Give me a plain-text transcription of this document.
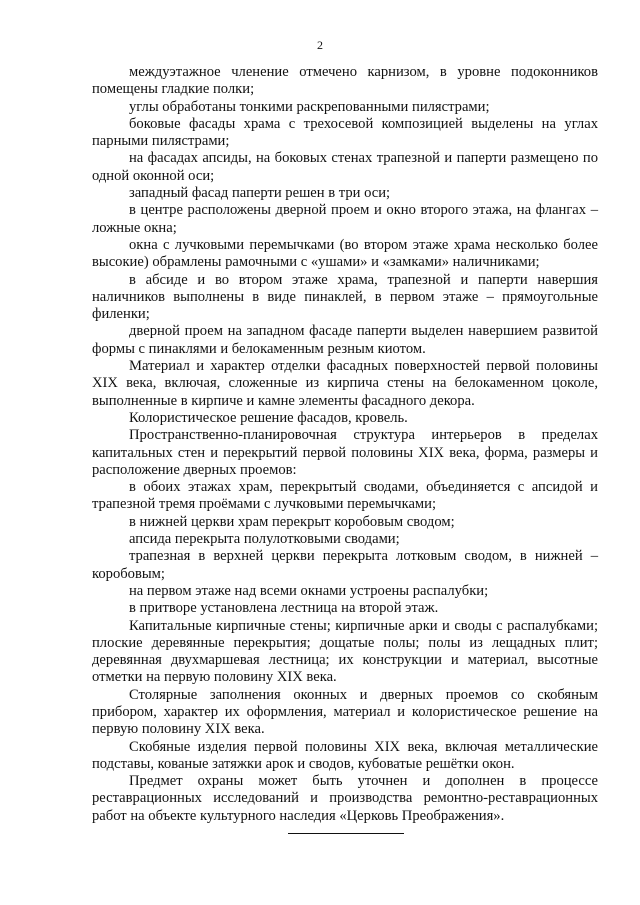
2

междуэтажное членение отмечено карнизом, в уровне подоконников помещены гладкие полки;

углы обработаны тонкими раскрепованными пилястрами;

боковые фасады храма с трехосевой композицией выделены на углах парными пилястрами;

на фасадах апсиды, на боковых стенах трапезной и паперти размещено по одной оконной оси;

западный фасад паперти решен в три оси;

в центре расположены дверной проем и окно второго этажа, на флангах – ложные окна;

окна с лучковыми перемычками (во втором этаже храма несколько более высокие) обрамлены рамочными с «ушами» и «замками» наличниками;

в абсиде и во втором этаже храма, трапезной и паперти навершия наличников выполнены в виде пинаклей, в первом этаже – прямоугольные филенки;

дверной проем на западном фасаде паперти выделен навершием развитой формы с пинаклями и белокаменным резным киотом.

Материал и характер отделки фасадных поверхностей первой половины XIX века, включая, сложенные из кирпича стены на белокаменном цоколе, выполненные в кирпиче и камне элементы фасадного декора.

Колористическое решение фасадов, кровель.

Пространственно-планировочная структура интерьеров в пределах капитальных стен и перекрытий первой половины XIX века, форма, размеры и расположение дверных проемов:

в обоих этажах храм, перекрытый сводами, объединяется с апсидой и трапезной тремя проёмами с лучковыми перемычками;

в нижней церкви храм перекрыт коробовым сводом;

апсида перекрыта полулотковыми сводами;

трапезная в верхней церкви перекрыта лотковым сводом, в нижней – коробовым;

на первом этаже над всеми окнами устроены распалубки;

в притворе установлена лестница на второй этаж.

Капитальные кирпичные стены; кирпичные арки и своды с распалубками; плоские деревянные перекрытия; дощатые полы; полы из лещадных плит; деревянная двухмаршевая лестница; их конструкции и материал, высотные отметки на первую половину XIX века.

Столярные заполнения оконных и дверных проемов со скобяным прибором, характер их оформления, материал и колористическое решение на первую половину XIX века.

Скобяные изделия первой половины XIX века, включая металлические подставы, кованые затяжки арок и сводов, кубоватые решётки окон.

Предмет охраны может быть уточнен и дополнен в процессе реставрационных исследований и производства ремонтно-реставрационных работ на объекте культурного наследия «Церковь Преображения».
